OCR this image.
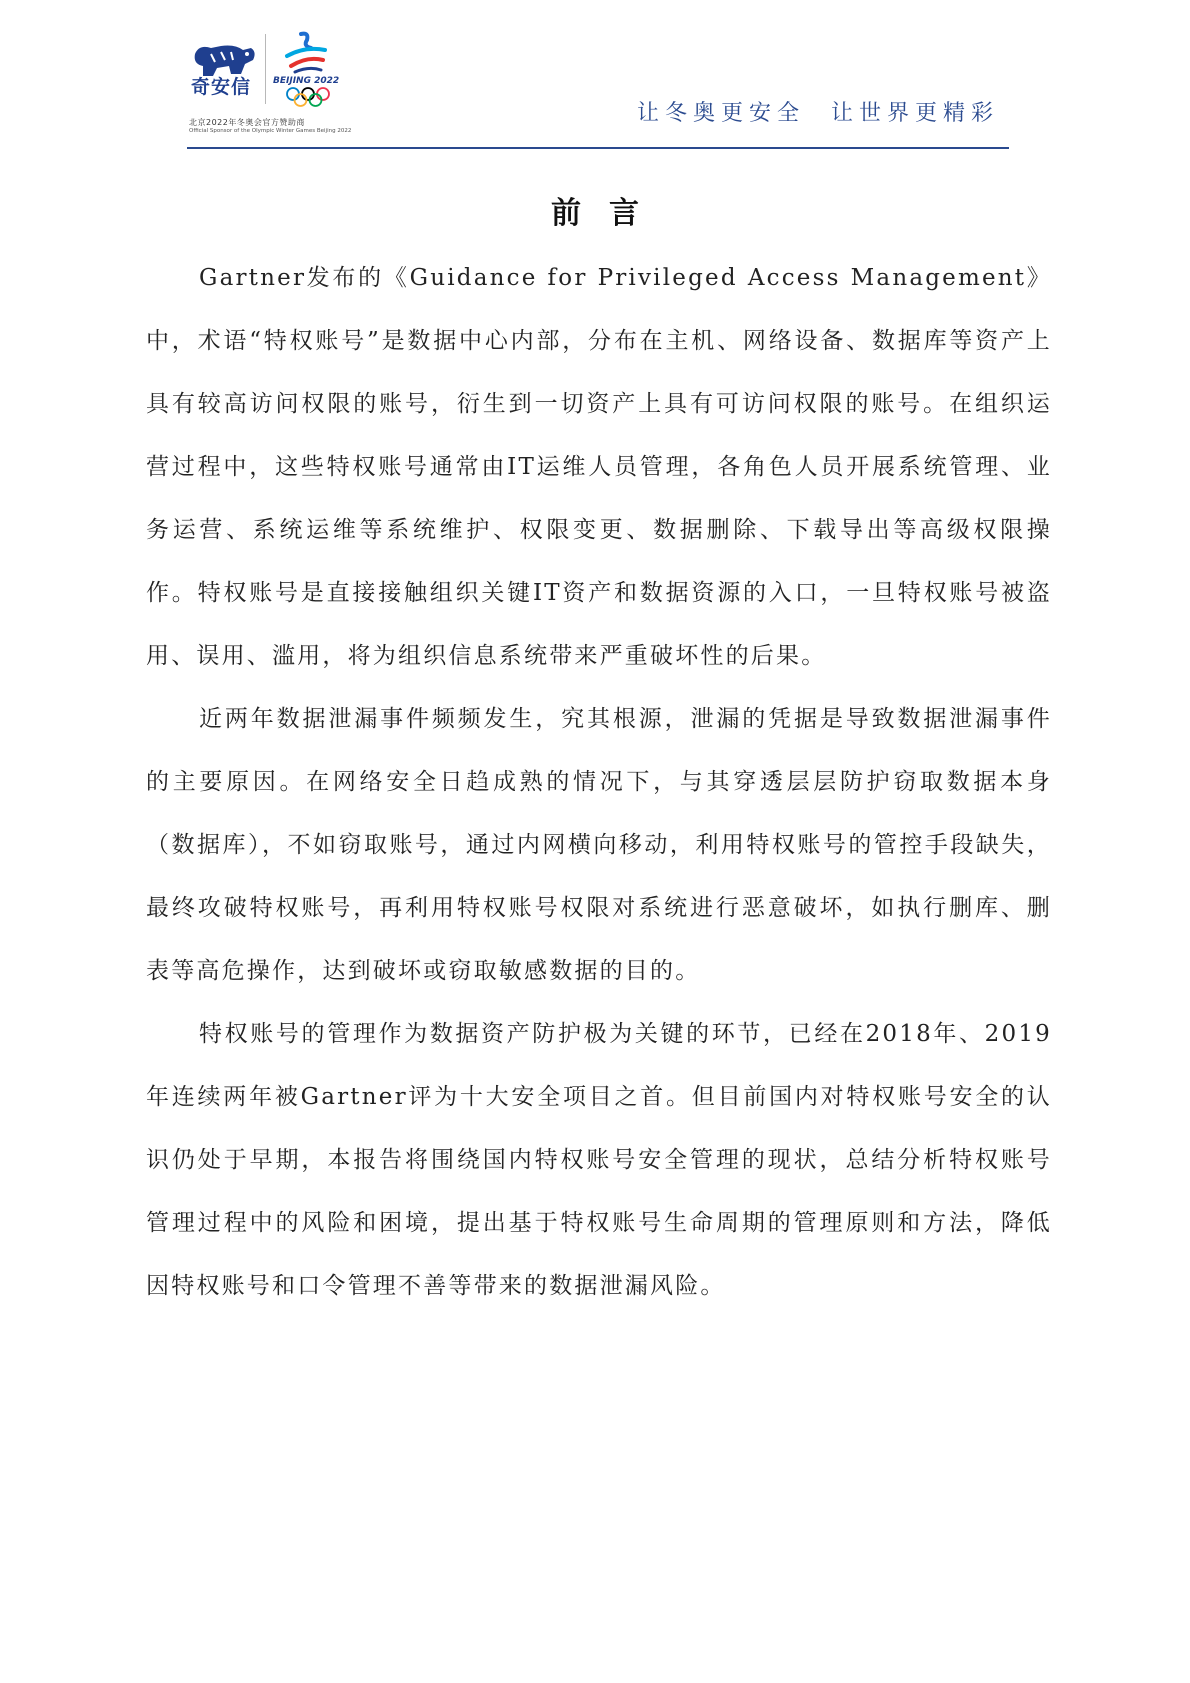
奇安信 BEIJING 2022
北京2022年冬奥会官方赞助商
Official Sponsor of the Olympic Winter Games Beijing 2022
让冬奥更安全  让世界更精彩
前言

Gartner发布的《Guidance for Privileged Access Management》中，术语“特权账号”是数据中心内部，分布在主机、网络设备、数据库等资产上具有较高访问权限的账号，衍生到一切资产上具有可访问权限的账号。在组织运营过程中，这些特权账号通常由IT运维人员管理，各角色人员开展系统管理、业务运营、系统运维等系统维护、权限变更、数据删除、下载导出等高级权限操作。特权账号是直接接触组织关键IT资产和数据资源的入口，一旦特权账号被盗用、误用、滥用，将为组织信息系统带来严重破坏性的后果。

近两年数据泄漏事件频频发生，究其根源，泄漏的凭据是导致数据泄漏事件的主要原因。在网络安全日趋成熟的情况下，与其穿透层层防护窃取数据本身（数据库），不如窃取账号，通过内网横向移动，利用特权账号的管控手段缺失，最终攻破特权账号，再利用特权账号权限对系统进行恶意破坏，如执行删库、删表等高危操作，达到破坏或窃取敏感数据的目的。

特权账号的管理作为数据资产防护极为关键的环节，已经在2018年、2019年连续两年被Gartner评为十大安全项目之首。但目前国内对特权账号安全的认识仍处于早期，本报告将围绕国内特权账号安全管理的现状，总结分析特权账号管理过程中的风险和困境，提出基于特权账号生命周期的管理原则和方法，降低因特权账号和口令管理不善等带来的数据泄漏风险。
